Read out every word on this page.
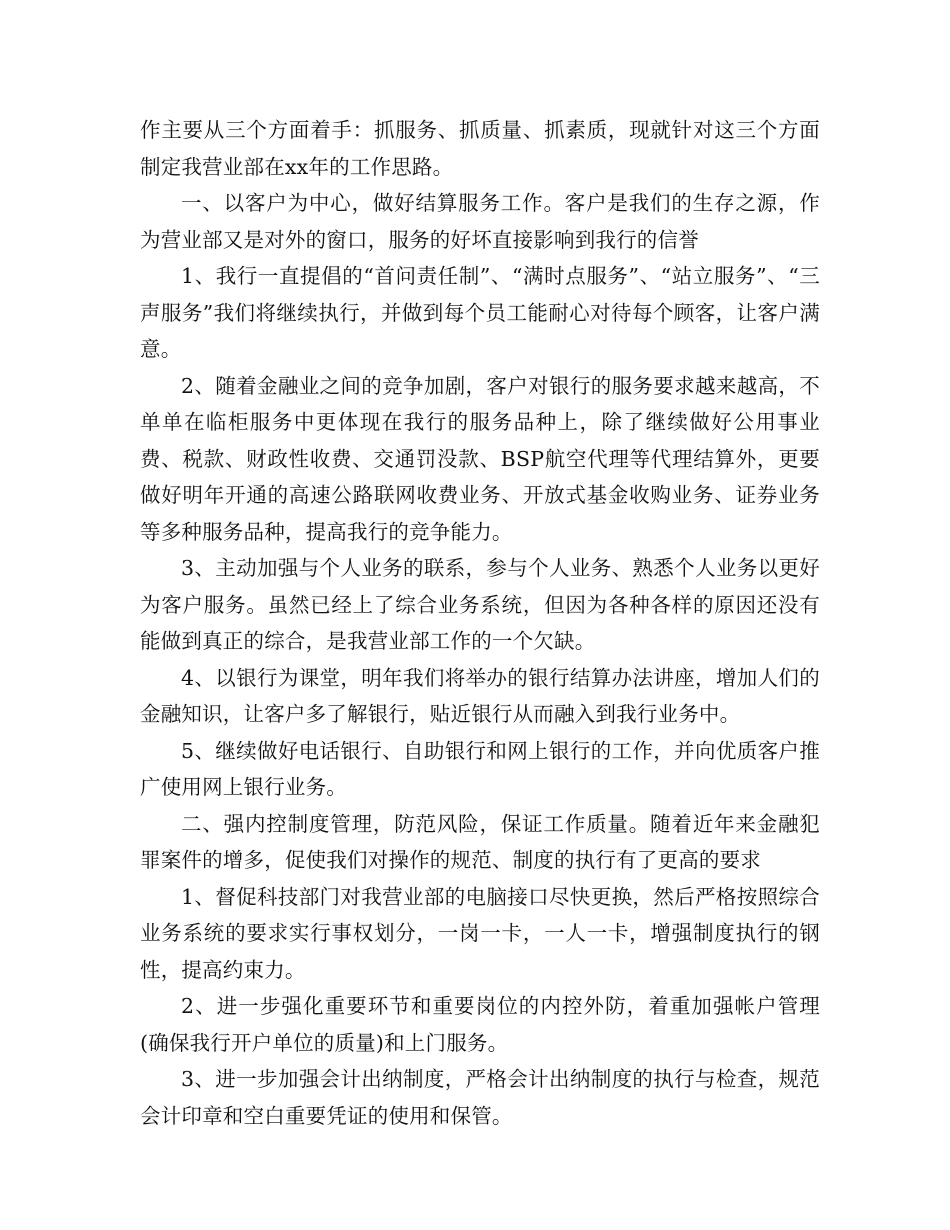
作主要从三个方面着手：抓服务、抓质量、抓素质，现就针对这三个方面制定我营业部在xx年的工作思路。

一、以客户为中心，做好结算服务工作。客户是我们的生存之源，作为营业部又是对外的窗口，服务的好坏直接影响到我行的信誉

1、我行一直提倡的“首问责任制”、“满时点服务”、“站立服务”、“三声服务”我们将继续执行，并做到每个员工能耐心对待每个顾客，让客户满意。

2、随着金融业之间的竞争加剧，客户对银行的服务要求越来越高，不单单在临柜服务中更体现在我行的服务品种上，除了继续做好公用事业费、税款、财政性收费、交通罚没款、BSP航空代理等代理结算外，更要做好明年开通的高速公路联网收费业务、开放式基金收购业务、证券业务等多种服务品种，提高我行的竞争能力。

3、主动加强与个人业务的联系，参与个人业务、熟悉个人业务以更好为客户服务。虽然已经上了综合业务系统，但因为各种各样的原因还没有能做到真正的综合，是我营业部工作的一个欠缺。

4、以银行为课堂，明年我们将举办的银行结算办法讲座，增加人们的金融知识，让客户多了解银行，贴近银行从而融入到我行业务中。

5、继续做好电话银行、自助银行和网上银行的工作，并向优质客户推广使用网上银行业务。

二、强内控制度管理，防范风险，保证工作质量。随着近年来金融犯罪案件的增多，促使我们对操作的规范、制度的执行有了更高的要求

1、督促科技部门对我营业部的电脑接口尽快更换，然后严格按照综合业务系统的要求实行事权划分，一岗一卡，一人一卡，增强制度执行的钢性，提高约束力。

2、进一步强化重要环节和重要岗位的内控外防，着重加强帐户管理(确保我行开户单位的质量)和上门服务。

3、进一步加强会计出纳制度，严格会计出纳制度的执行与检查，规范会计印章和空白重要凭证的使用和保管。
